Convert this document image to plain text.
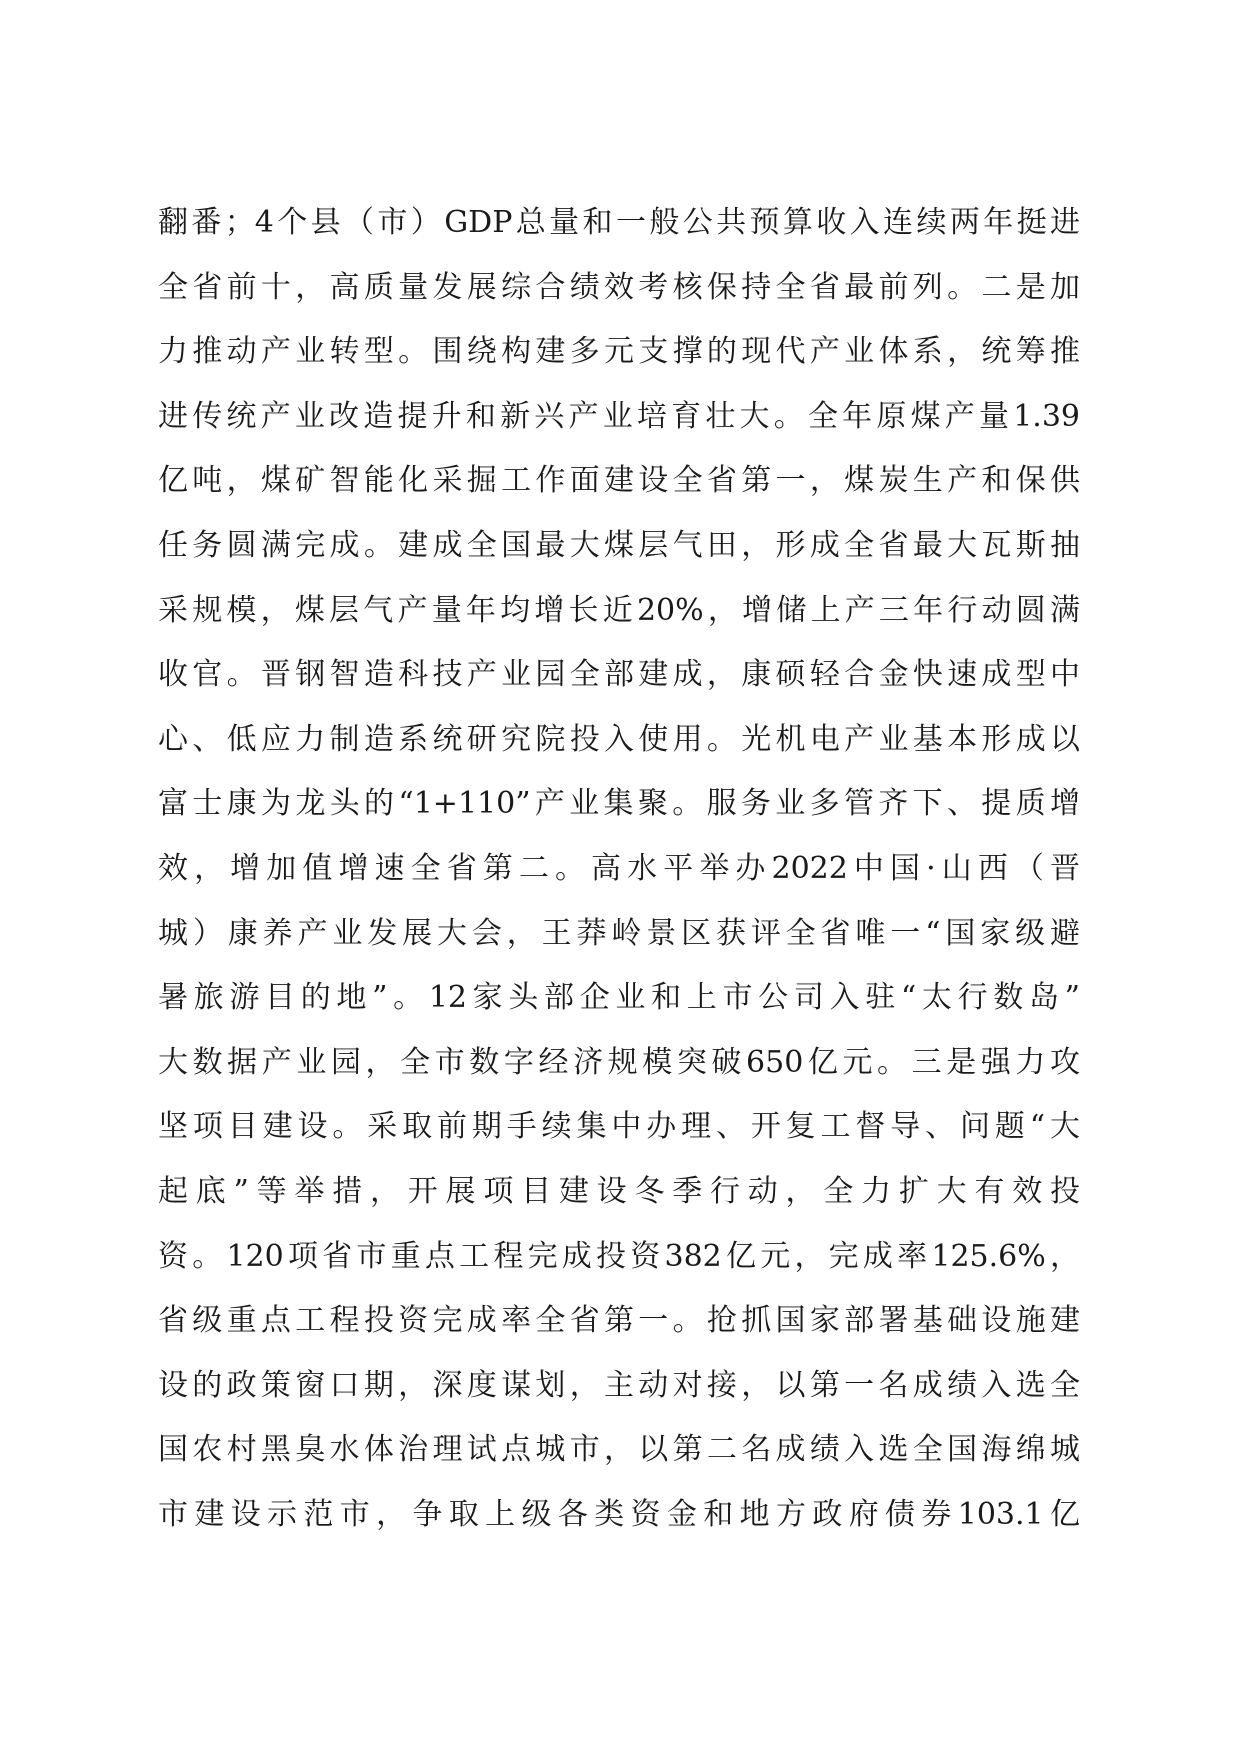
翻番；4个县（市）GDP总量和一般公共预算收入连续两年挺进
全省前十，高质量发展综合绩效考核保持全省最前列。二是加
力推动产业转型。围绕构建多元支撑的现代产业体系，统筹推
进传统产业改造提升和新兴产业培育壮大。全年原煤产量1.39
亿吨，煤矿智能化采掘工作面建设全省第一，煤炭生产和保供
任务圆满完成。建成全国最大煤层气田，形成全省最大瓦斯抽
采规模，煤层气产量年均增长近20%，增储上产三年行动圆满
收官。晋钢智造科技产业园全部建成，康硕轻合金快速成型中
心、低应力制造系统研究院投入使用。光机电产业基本形成以
富士康为龙头的“1+110”产业集聚。服务业多管齐下、提质增
效，增加值增速全省第二。高水平举办2022中国·山西（晋
城）康养产业发展大会，王莽岭景区获评全省唯一“国家级避
暑旅游目的地”。12家头部企业和上市公司入驻“太行数岛”
大数据产业园，全市数字经济规模突破650亿元。三是强力攻
坚项目建设。采取前期手续集中办理、开复工督导、问题“大
起底”等举措，开展项目建设冬季行动，全力扩大有效投
资。120项省市重点工程完成投资382亿元，完成率125.6%，
省级重点工程投资完成率全省第一。抢抓国家部署基础设施建
设的政策窗口期，深度谋划，主动对接，以第一名成绩入选全
国农村黑臭水体治理试点城市，以第二名成绩入选全国海绵城
市建设示范市，争取上级各类资金和地方政府债券103.1亿
